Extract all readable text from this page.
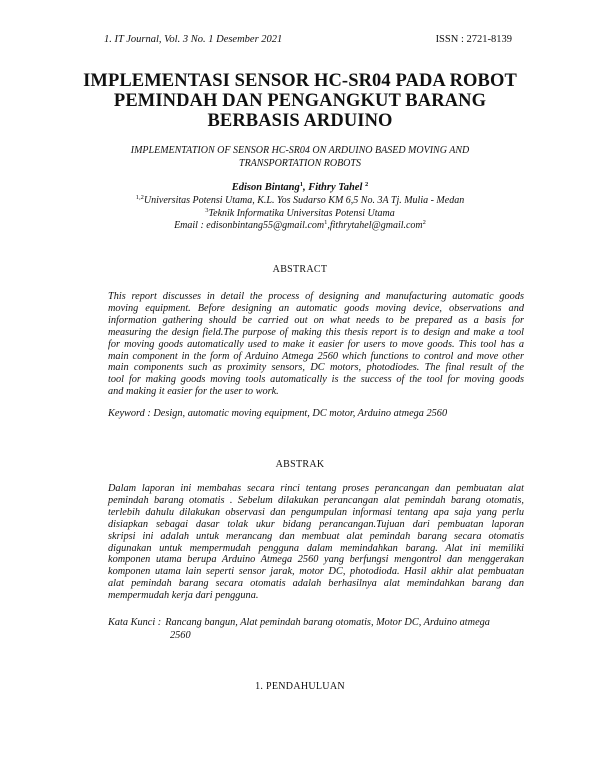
1. IT Journal, Vol. 3 No. 1 Desember 2021	ISSN : 2721-8139
IMPLEMENTASI SENSOR HC-SR04 PADA ROBOT
PEMINDAH DAN PENGANGKUT BARANG
BERBASIS ARDUINO
IMPLEMENTATION OF SENSOR HC-SR04 ON ARDUINO BASED MOVING AND
TRANSPORTATION ROBOTS
Edison Bintang$^1$, Fithry Tahel $^2$
$^{1,2}$Universitas Potensi Utama, K.L. Yos Sudarso KM 6,5 No. 3A Tj. Mulia - Medan
$^3$Teknik Informatika Universitas Potensi Utama
Email : edisonbintang55@gmail.com$^1$,fithrytahel@gmail.com$^2$
ABSTRACT
This report discusses in detail the process of designing and manufacturing automatic goods
moving equipment. Before designing an automatic goods moving device, observations and
information gathering should be carried out on what needs to be prepared as a basis for
measuring the design field.The purpose of making this thesis report is to design and make a tool
for moving goods automatically used to make it easier for users to move goods. This tool has a
main component in the form of Arduino Atmega 2560 which functions to control and move other
main components such as proximity sensors, DC motors, photodiodes. The final result of the
tool for making goods moving tools automatically is the success of the tool for moving goods
and making it easier for the user to work.
Keyword : Design, automatic moving equipment, DC motor, Arduino atmega 2560
ABSTRAK
Dalam laporan ini membahas secara rinci tentang proses perancangan dan pembuatan alat
pemindah barang otomatis . Sebelum dilakukan perancangan alat pemindah barang otomatis,
terlebih dahulu dilakukan observasi dan pengumpulan informasi tentang apa saja yang perlu
disiapkan sebagai dasar tolak ukur bidang perancangan.Tujuan dari pembuatan laporan
skripsi ini adalah untuk merancang dan membuat alat pemindah barang secara otomatis
digunakan untuk mempermudah pengguna dalam memindahkan barang. Alat ini memiliki
komponen utama berupa Arduino Atmega 2560 yang berfungsi mengontrol dan menggerakan
komponen utama lain seperti sensor jarak, motor DC, photodioda. Hasil akhir alat pembuatan
alat pemindah barang secara otomatis adalah berhasilnya alat memindahkan barang dan
mempermudah kerja dari pengguna.
Kata Kunci : Rancang bangun, Alat pemindah barang otomatis, Motor DC, Arduino atmega
2560
1. PENDAHULUAN
